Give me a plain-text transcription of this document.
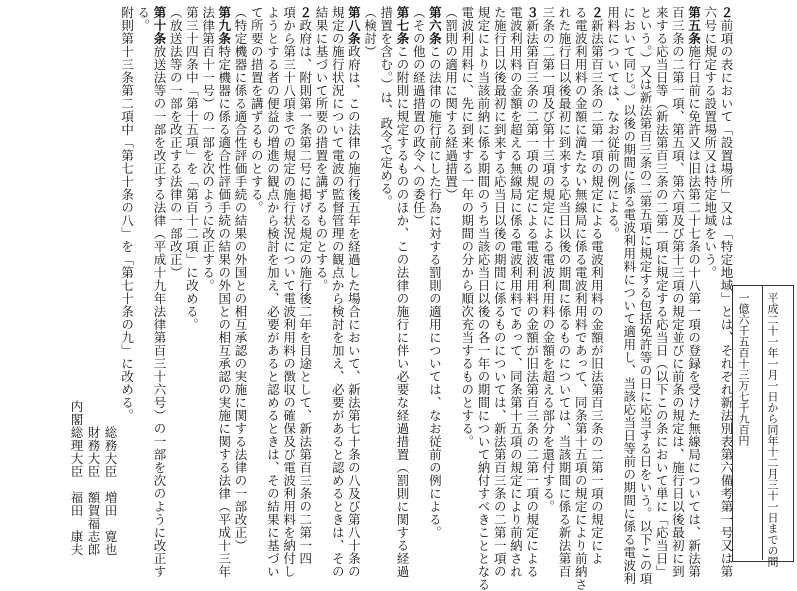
２前項の表において「設置場所」又は「特定地域」とは、それぞれ新法別表第六備考第一号又は第
六号に規定する設置場所又は特定地域をいう。
第五条施行日前に免許又は旧法第二十七条の十八第一項の登録を受けた無線局については、新法第
百三条の二第一項、第五項、第六項及び第十三項の規定並びに前条の規定は、施行日以後最初に到
来する応当日等（新法第百三条の二第一項に規定する応当日（以下この条において単に「応当日」
という。）又は新法第百三条の二第五項に規定する包括免許等の日に応当する日をいう。以下この項
において同じ。）以後の期間に係る電波利用料について適用し、当該応当日等前の期間に係る電波利
用料については、なお従前の例による。
２新法第百三条の二第一項の規定による電波利用料の金額が旧法第百三条の二第一項の規定によ
る電波利用料の金額に満たない無線局に係る電波利用料であって、同条第十五項の規定により前納さ
れた施行日以後最初に到来する応当日以後の期間に係るものについては、当該期間に係る新法第百
三条の二第一項及び第十三項の規定による電波利用料の金額を超える部分を還付する。
３新法第百三条の二第一項の規定による電波利用料の金額が旧法第百三条の二第一項の規定による
電波利用料の金額を超える無線局に係る電波利用料であって、同条第十五項の規定により前納され
た施行日以後最初に到来する応当日以後の期間に係るものについては、新法第百三条の二第一項の
規定により当該前納に係る期間のうち当該応当日以後の各一年の期間について納付すべきこととなる
電波利用料に、先に到来する一年の期間の分から順次充当するものとする。
（罰則の適用に関する経過措置）
第六条この法律の施行前にした行為に対する罰則の適用については、なお従前の例による。
（その他の経過措置の政令への委任）
第七条この附則に規定するもののほか、この法律の施行に伴い必要な経過措置（罰則に関する経過
措置を含む。）は、政令で定める。
（検討）
第八条政府は、この法律の施行後五年を経過した場合において、新法第七十条の八及び第八十条の
規定の施行状況について電波の監督管理の観点から検討を加え、必要があると認めるときは、その
結果に基づいて所要の措置を講ずるものとする。
２政府は、附則第一条第二号に掲げる規定の施行後二年を目途として、新法第百三条の二第一四
項から第三十八項までの規定の施行状況について電波利用料の徴収の確保及び電波利用料を納付し
ようとする者の便益の増進の観点から検討を加え、必要があると認めるときは、その結果に基づい
て所要の措置を講ずるものとする。
（特定機器に係る適合性評価手続の結果の外国との相互承認の実施に関する法律の一部改正）
第九条特定機器に係る適合性評価手続の結果の外国との相互承認の実施に関する法律（平成十三年
法律第百十一号）の一部を次のように改正する。
第三十四条中「第十五項」を「第百十二項」に改める。
（放送法等の一部を改正する法律の一部改正）
第十条放送法等の一部を改正する法律（平成十九年法律第百三十六号）の一部を次のように改正す
る。
附則第十三条第二項中「第七十条の八」を「第七十条の九」に改める。
平成二十一年一月一日から同年十二月三十一日までの間
一億六千五百十三万七千九百円
総務大臣　増田　寛也
財務大臣　額賀福志郎
内閣総理大臣　福田　康夫
